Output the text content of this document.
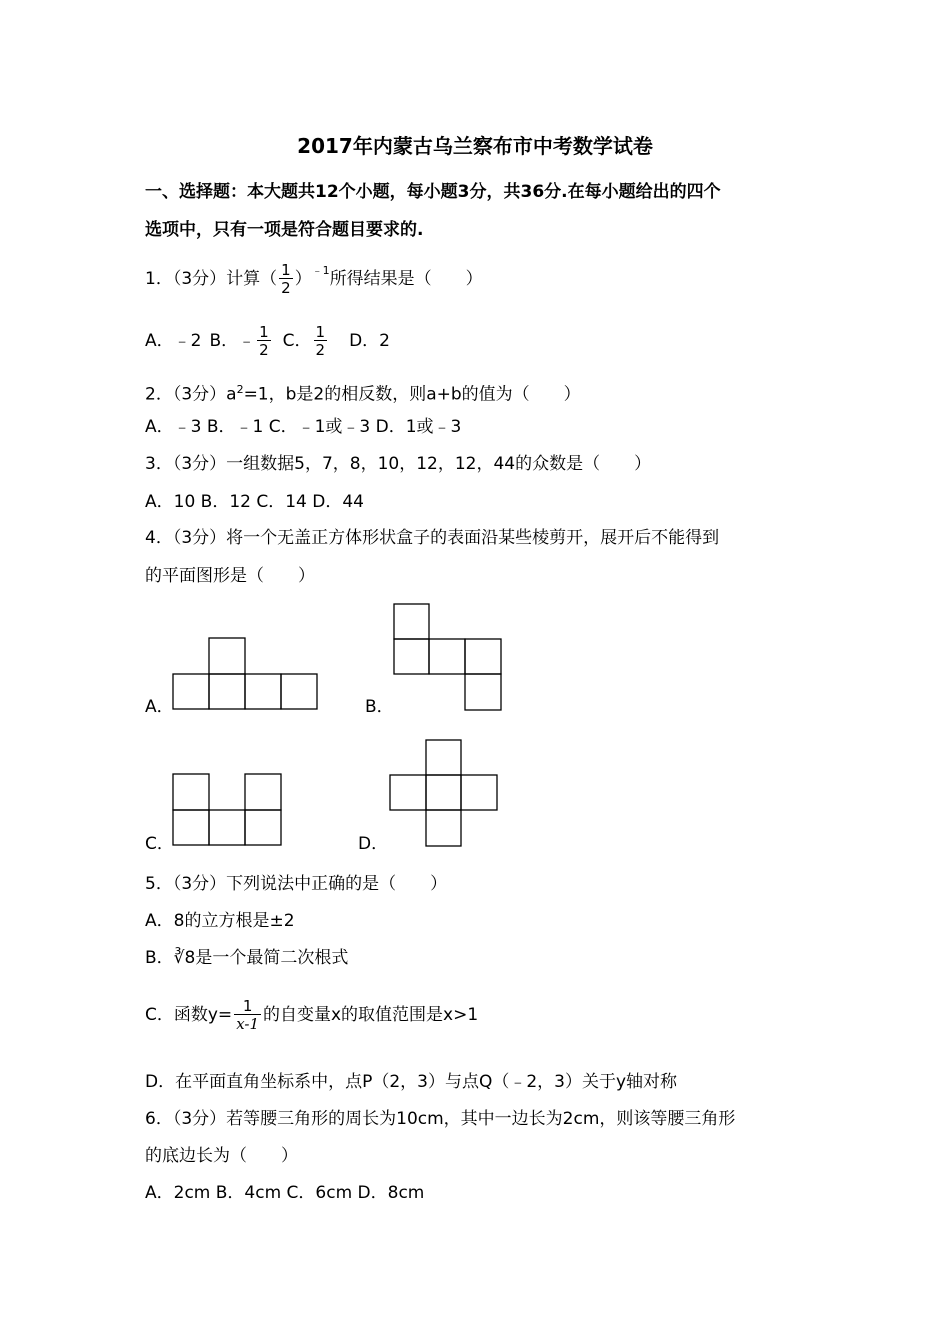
2017年内蒙古乌兰察布市中考数学试卷
一、选择题：本大题共12个小题，每小题3分，共36分.在每小题给出的四个
选项中，只有一项是符合题目要求的.
1．（3分）计算（ $\frac{1}{2} )^{﹣1}$ 所得结果是（　　）
A．﹣2 B．﹣ $\frac{1}{2}$ C． $\frac{1}{2}$ D．2
2．（3分）$a^2=1$，b是2的相反数，则a+b的值为（　　）
A．﹣3 B．﹣1 C．﹣1或﹣3 D．1或﹣3
3．（3分）一组数据5，7，8，10，12，12，44的众数是（　　）
A．10 B．12 C．14 D．44
4．（3分）将一个无盖正方体形状盒子的表面沿某些棱剪开，展开后不能得到
的平面图形是（　　）
A．	B．
C．	D．
5．（3分）下列说法中正确的是（　　）
A．8的立方根是±2
B．∛8是一个最简二次根式
C．函数$y= \frac{1}{x-1}$ 的自变量x的取值范围是x>1
D．在平面直角坐标系中，点P（2，3）与点Q（﹣2，3）关于y轴对称
6．（3分）若等腰三角形的周长为10cm，其中一边长为2cm，则该等腰三角形
的底边长为（　　）
A．2cm B．4cm C．6cm D．8cm
